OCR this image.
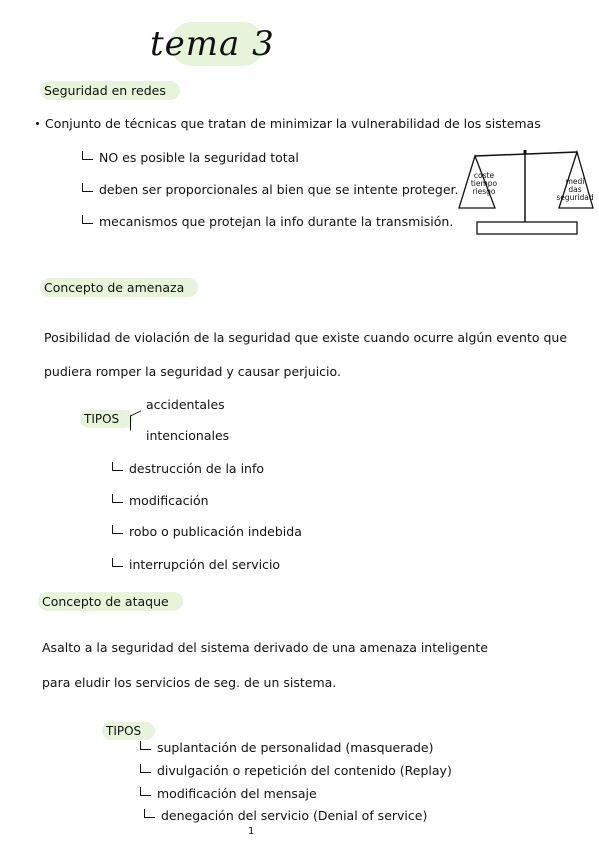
tema 3
Seguridad en redes
Conjunto de técnicas que tratan de minimizar la vulnerabilidad de los sistemas
NO es posible la seguridad total
deben ser proporcionales al bien que se intente proteger.
mecanismos que protejan la info durante la transmisión.
coste
tiempo
riesgo
medi
das
seguridad
Concepto de amenaza
Posibilidad de violación de la seguridad que existe cuando ocurre algún evento que
pudiera romper la seguridad y causar perjuicio.
TIPOS
accidentales
intencionales
destrucción de la info
modificación
robo o publicación indebida
interrupción del servicio
Concepto de ataque
Asalto a la seguridad del sistema derivado de una amenaza inteligente
para eludir los servicios de seg. de un sistema.
TIPOS
suplantación de personalidad (masquerade)
divulgación o repetición del contenido (Replay)
modificación del mensaje
denegación del servicio (Denial of service)
1
